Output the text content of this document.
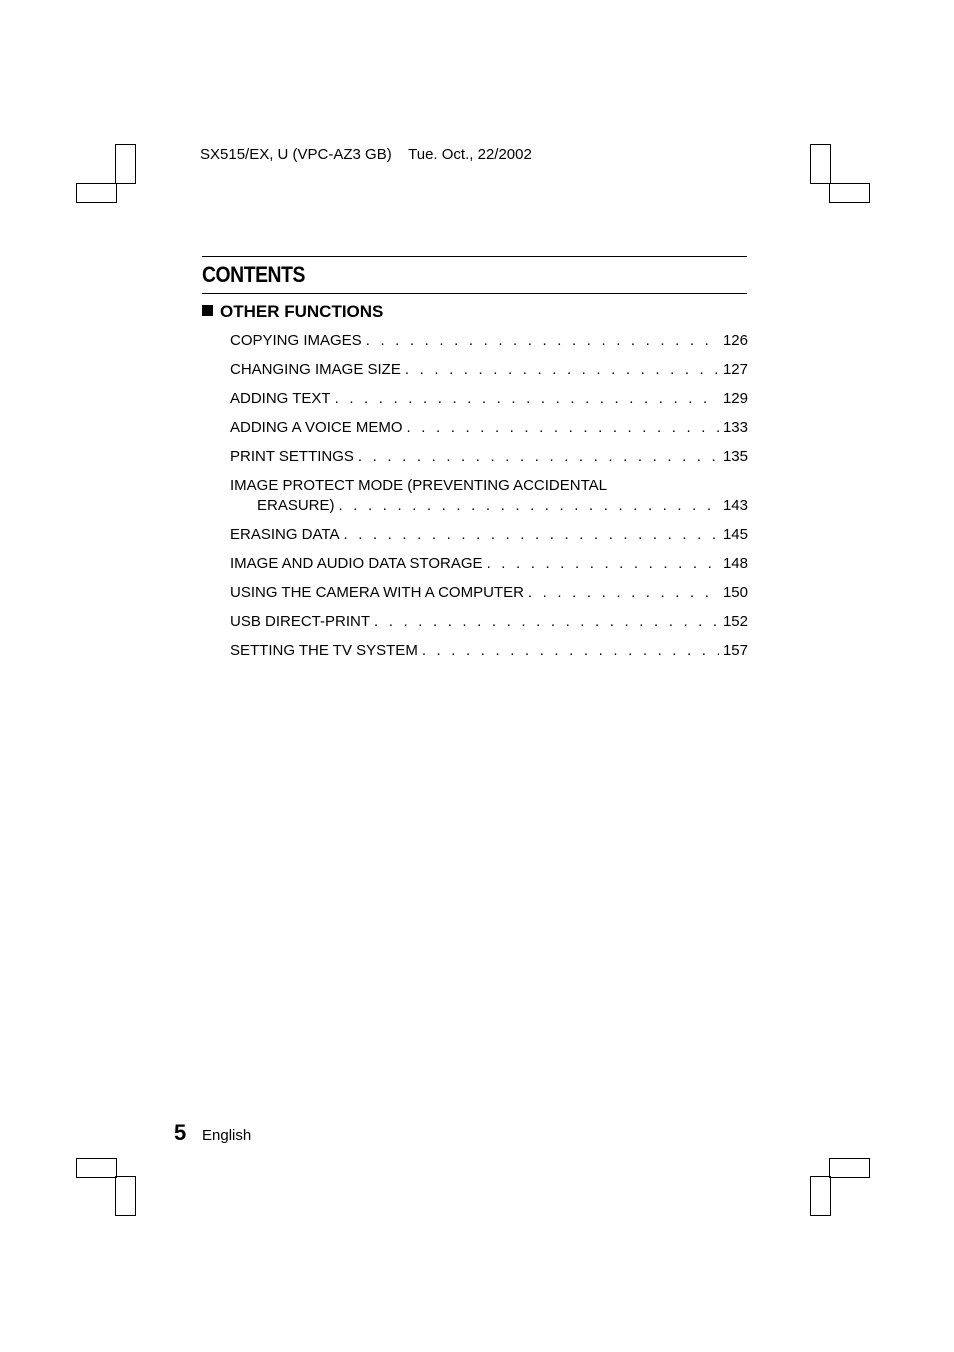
SX515/EX, U (VPC-AZ3 GB) Tue. Oct., 22/2002
CONTENTS
OTHER FUNCTIONS
COPYING IMAGES . . .	126
CHANGING IMAGE SIZE . . .	127
ADDING TEXT . . .	129
ADDING A VOICE MEMO . . .	133
PRINT SETTINGS . . .	135
IMAGE PROTECT MODE (PREVENTING ACCIDENTAL
ERASURE) . . .	143
ERASING DATA . . .	145
IMAGE AND AUDIO DATA STORAGE . . .	148
USING THE CAMERA WITH A COMPUTER . . .	150
USB DIRECT-PRINT . . .	152
SETTING THE TV SYSTEM . . .	157
5 English
